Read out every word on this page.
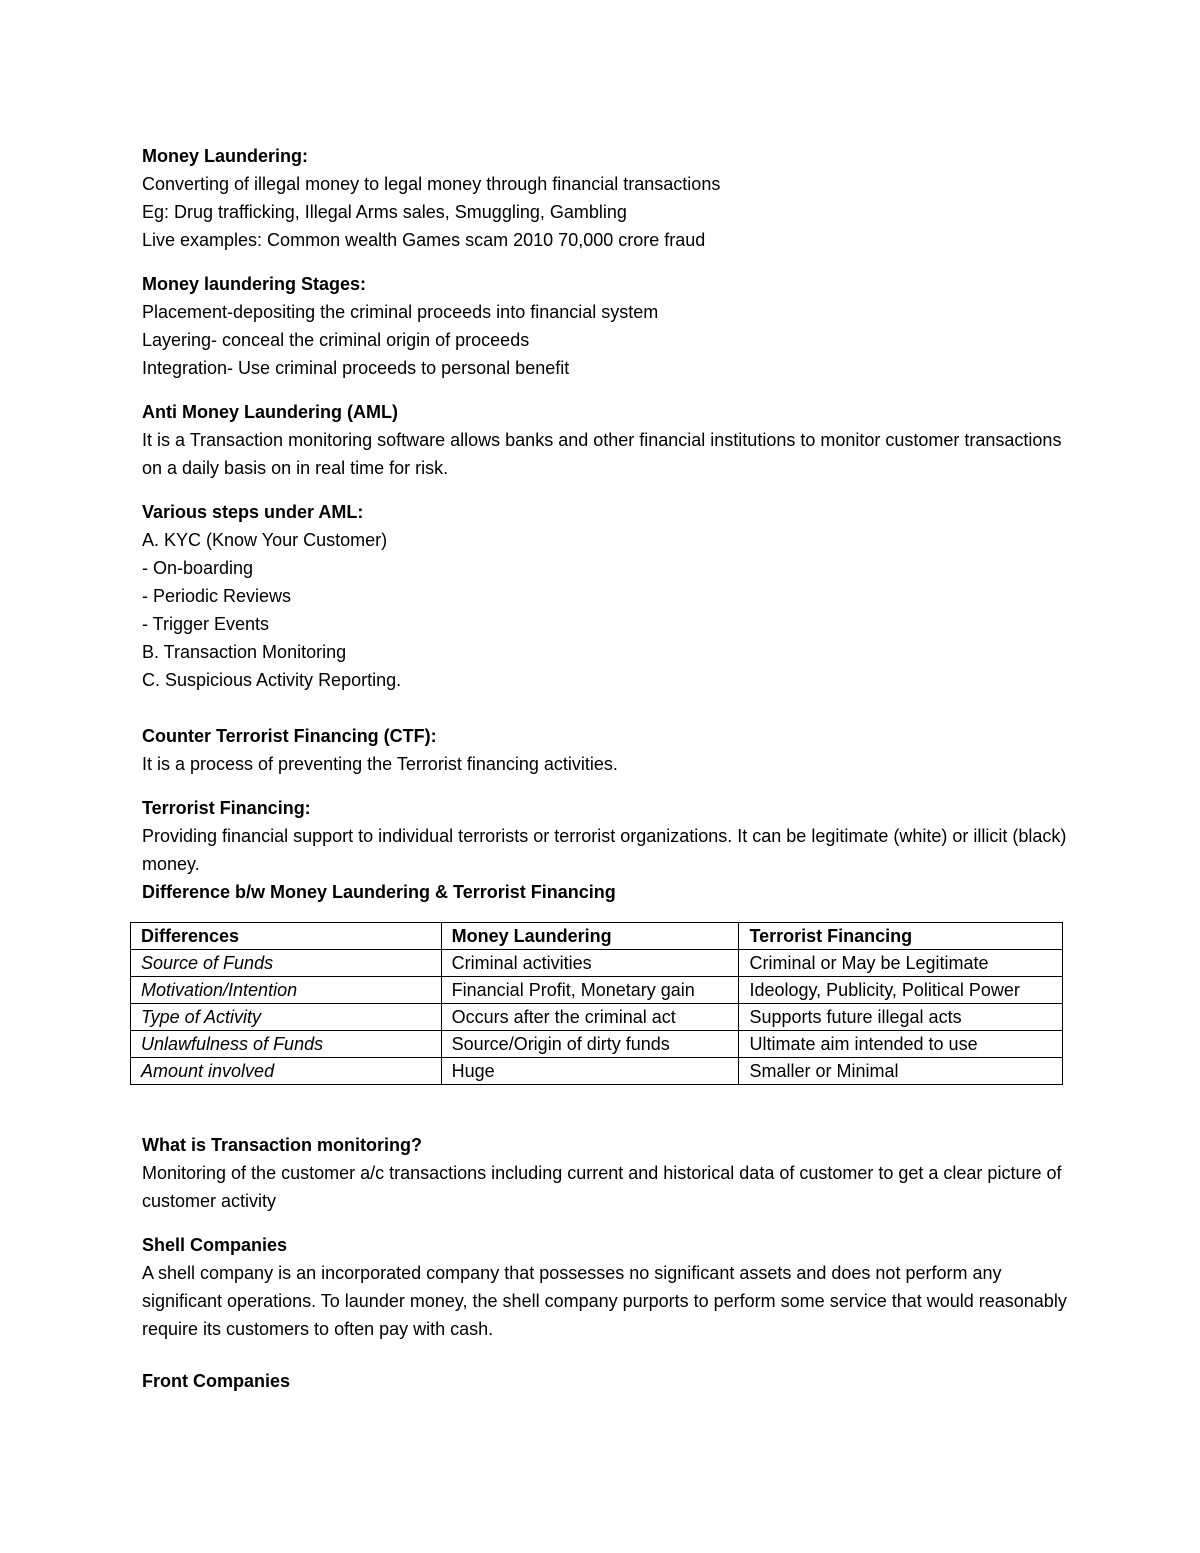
Money Laundering:

Converting of illegal money to legal money through financial transactions

Eg: Drug trafficking, Illegal Arms sales, Smuggling, Gambling

Live examples: Common wealth Games scam 2010 70,000 crore fraud

Money laundering Stages:

Placement-depositing the criminal proceeds into financial system

Layering- conceal the criminal origin of proceeds

Integration- Use criminal proceeds to personal benefit

Anti Money Laundering (AML)

It is a Transaction monitoring software allows banks and other financial institutions to monitor customer transactions on a daily basis on in real time for risk.

Various steps under AML:

A. KYC (Know Your Customer)

- On-boarding

- Periodic Reviews

- Trigger Events

B. Transaction Monitoring

C. Suspicious Activity Reporting.

Counter Terrorist Financing (CTF):

It is a process of preventing the Terrorist financing activities.

Terrorist Financing:

Providing financial support to individual terrorists or terrorist organizations. It can be legitimate (white) or illicit (black) money.

Difference b/w Money Laundering & Terrorist Financing

Differences	Money Laundering	Terrorist Financing
Source of Funds	Criminal activities	Criminal or May be Legitimate
Motivation/Intention	Financial Profit, Monetary gain	Ideology, Publicity, Political Power
Type of Activity	Occurs after the criminal act	Supports future illegal acts
Unlawfulness of Funds	Source/Origin of dirty funds	Ultimate aim intended to use
Amount involved	Huge	Smaller or Minimal

What is Transaction monitoring?

Monitoring of the customer a/c transactions including current and historical data of customer to get a clear picture of customer activity

Shell Companies

A shell company is an incorporated company that possesses no significant assets and does not perform any significant operations. To launder money, the shell company purports to perform some service that would reasonably require its customers to often pay with cash.

Front Companies
